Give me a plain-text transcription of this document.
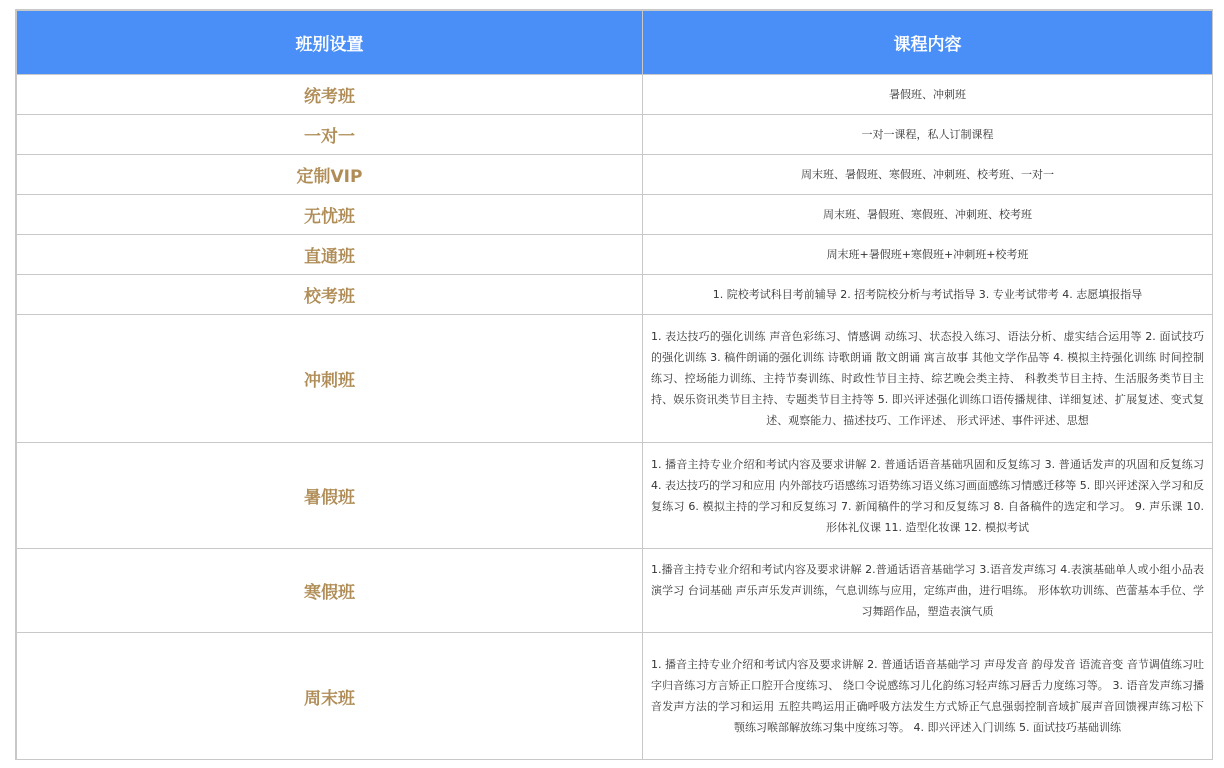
班别设置	课程内容
统考班	暑假班、冲刺班
一对一	一对一课程，私人订制课程
定制VIP	周末班、暑假班、寒假班、冲刺班、校考班、一对一
无忧班	周末班、暑假班、寒假班、冲刺班、校考班
直通班	周末班+暑假班+寒假班+冲刺班+校考班
校考班	1. 院校考试科目考前辅导 2. 招考院校分析与考试指导 3. 专业考试带考 4. 志愿填报指导
冲刺班	1. 表达技巧的强化训练 声音色彩练习、情感调 动练习、状态投入练习、语法分析、虚实结合运用等 2. 面试技巧的强化训练 3. 稿件朗诵的强化训练 诗歌朗诵 散文朗诵 寓言故事 其他文学作品等 4. 模拟主持强化训练 时间控制练习、控场能力训练、主持节奏训练、时政性节目主持、综艺晚会类主持、 科教类节目主持、生活服务类节目主持、娱乐资讯类节目主持、专题类节目主持等 5. 即兴评述强化训练口语传播规律、详细复述、扩展复述、变式复述、观察能力、描述技巧、工作评述、 形式评述、事件评述、思想
暑假班	1. 播音主持专业介绍和考试内容及要求讲解 2. 普通话语音基础巩固和反复练习 3. 普通话发声的巩固和反复练习 4. 表达技巧的学习和应用 内外部技巧语感练习语势练习语义练习画面感练习情感迁移等 5. 即兴评述深入学习和反复练习 6. 模拟主持的学习和反复练习 7. 新闻稿件的学习和反复练习 8. 自备稿件的选定和学习。 9. 声乐课 10. 形体礼仪课 11. 造型化妆课 12. 模拟考试
寒假班	1.播音主持专业介绍和考试内容及要求讲解 2.普通话语音基础学习 3.语音发声练习 4.表演基础单人或小组小品表演学习 台词基础 声乐声乐发声训练，气息训练与应用，定练声曲，进行唱练。 形体软功训练、芭蕾基本手位、学习舞蹈作品，塑造表演气质
周末班	1. 播音主持专业介绍和考试内容及要求讲解 2. 普通话语音基础学习 声母发音 韵母发音 语流音变 音节调值练习吐字归音练习方言矫正口腔开合度练习、 绕口令说感练习儿化韵练习轻声练习唇舌力度练习等。 3. 语音发声练习播音发声方法的学习和运用 五腔共鸣运用正确呼吸方法发生方式矫正气息强弱控制音域扩展声音回馈裸声练习松下颚练习喉部解放练习集中度练习等。 4. 即兴评述入门训练 5. 面试技巧基础训练
